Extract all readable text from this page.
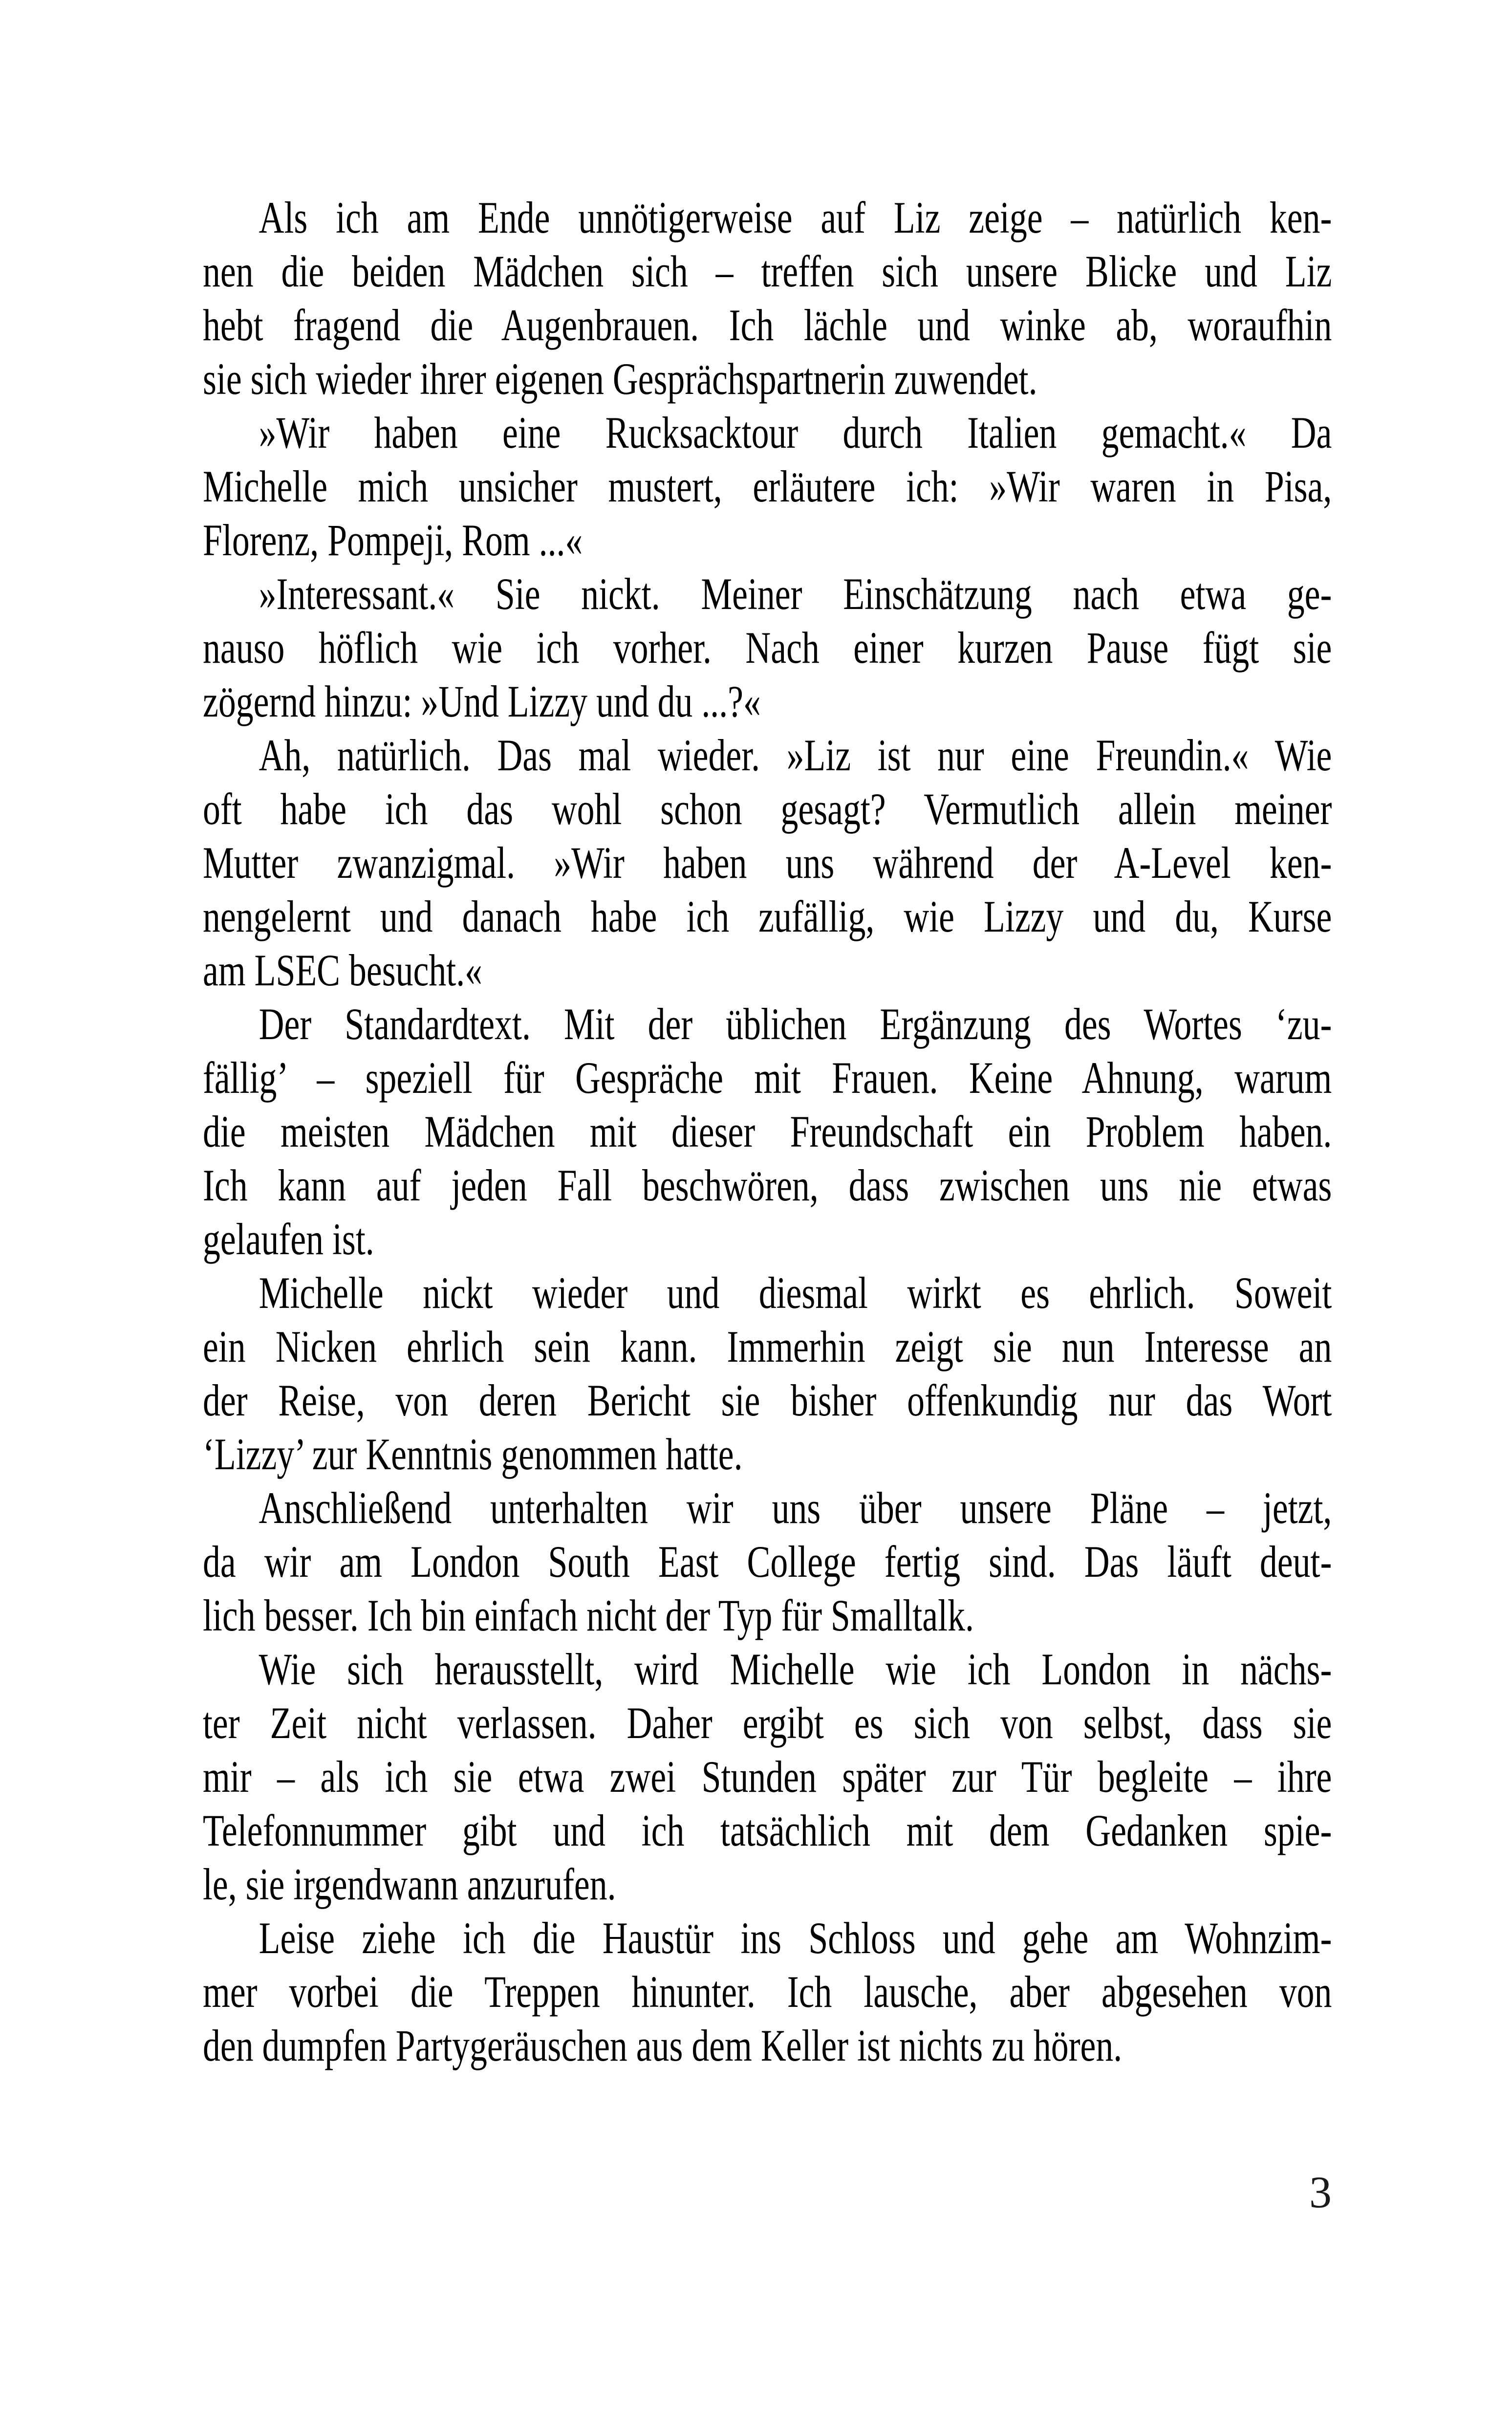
Als ich am Ende unnötigerweise auf Liz zeige – natürlich ken-
nen die beiden Mädchen sich – treffen sich unsere Blicke und Liz
hebt fragend die Augenbrauen. Ich lächle und winke ab, woraufhin
sie sich wieder ihrer eigenen Gesprächspartnerin zuwendet.
»Wir haben eine Rucksacktour durch Italien gemacht.« Da
Michelle mich unsicher mustert, erläutere ich: »Wir waren in Pisa,
Florenz, Pompeji, Rom ...«
»Interessant.« Sie nickt. Meiner Einschätzung nach etwa ge-
nauso höflich wie ich vorher. Nach einer kurzen Pause fügt sie
zögernd hinzu: »Und Lizzy und du ...?«
Ah, natürlich. Das mal wieder. »Liz ist nur eine Freundin.« Wie
oft habe ich das wohl schon gesagt? Vermutlich allein meiner
Mutter zwanzigmal. »Wir haben uns während der A-Level ken-
nengelernt und danach habe ich zufällig, wie Lizzy und du, Kurse
am LSEC besucht.«
Der Standardtext. Mit der üblichen Ergänzung des Wortes ‘zu-
fällig’ – speziell für Gespräche mit Frauen. Keine Ahnung, warum
die meisten Mädchen mit dieser Freundschaft ein Problem haben.
Ich kann auf jeden Fall beschwören, dass zwischen uns nie etwas
gelaufen ist.
Michelle nickt wieder und diesmal wirkt es ehrlich. Soweit
ein Nicken ehrlich sein kann. Immerhin zeigt sie nun Interesse an
der Reise, von deren Bericht sie bisher offenkundig nur das Wort
‘Lizzy’ zur Kenntnis genommen hatte.
Anschließend unterhalten wir uns über unsere Pläne – jetzt,
da wir am London South East College fertig sind. Das läuft deut-
lich besser. Ich bin einfach nicht der Typ für Smalltalk.
Wie sich herausstellt, wird Michelle wie ich London in nächs-
ter Zeit nicht verlassen. Daher ergibt es sich von selbst, dass sie
mir – als ich sie etwa zwei Stunden später zur Tür begleite – ihre
Telefonnummer gibt und ich tatsächlich mit dem Gedanken spie-
le, sie irgendwann anzurufen.
Leise ziehe ich die Haustür ins Schloss und gehe am Wohnzim-
mer vorbei die Treppen hinunter. Ich lausche, aber abgesehen von
den dumpfen Partygeräuschen aus dem Keller ist nichts zu hören.
3
